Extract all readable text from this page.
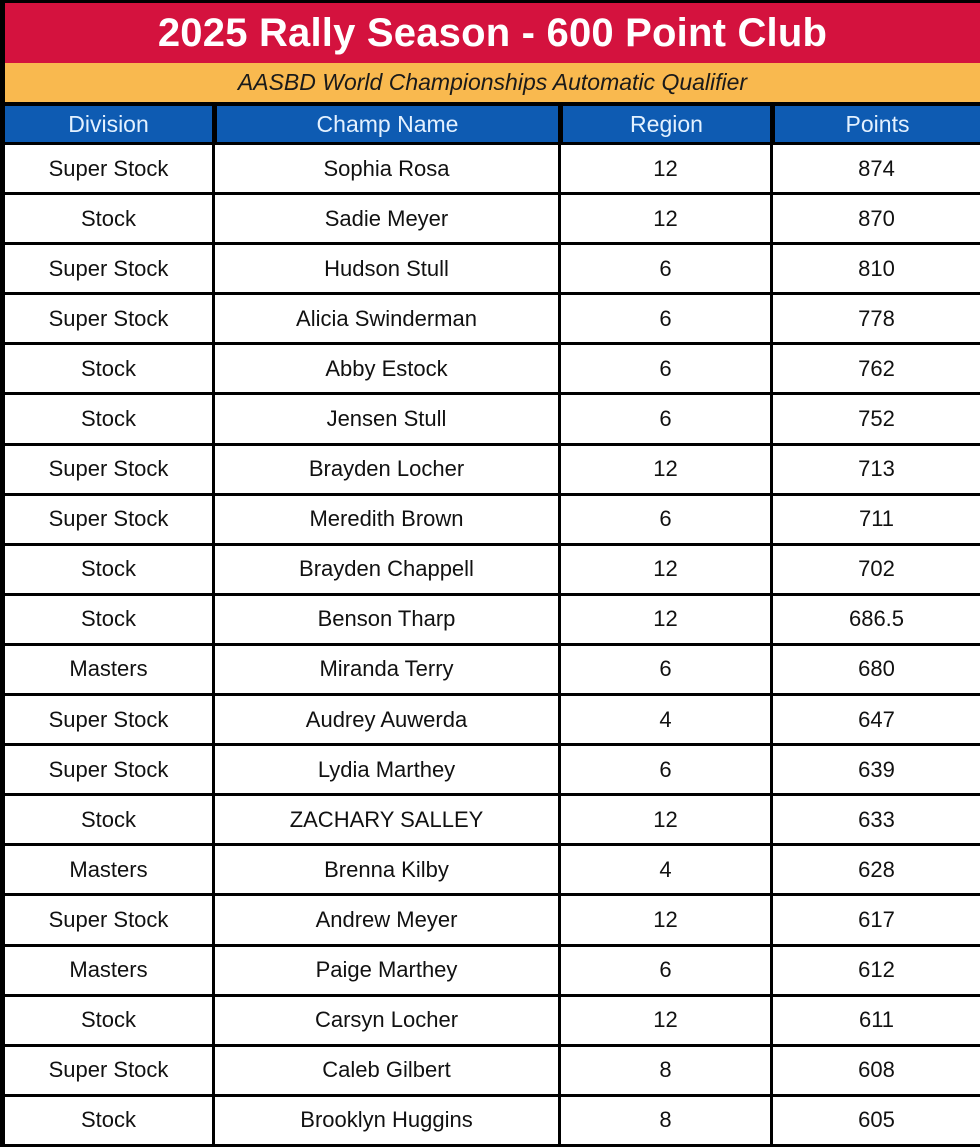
2025 Rally Season - 600 Point Club
AASBD World Championships Automatic Qualifier
Division	Champ Name	Region	Points
Super Stock	Sophia Rosa	12	874
Stock	Sadie Meyer	12	870
Super Stock	Hudson Stull	6	810
Super Stock	Alicia Swinderman	6	778
Stock	Abby Estock	6	762
Stock	Jensen Stull	6	752
Super Stock	Brayden Locher	12	713
Super Stock	Meredith Brown	6	711
Stock	Brayden Chappell	12	702
Stock	Benson Tharp	12	686.5
Masters	Miranda Terry	6	680
Super Stock	Audrey Auwerda	4	647
Super Stock	Lydia Marthey	6	639
Stock	ZACHARY SALLEY	12	633
Masters	Brenna Kilby	4	628
Super Stock	Andrew Meyer	12	617
Masters	Paige Marthey	6	612
Stock	Carsyn Locher	12	611
Super Stock	Caleb Gilbert	8	608
Stock	Brooklyn Huggins	8	605
